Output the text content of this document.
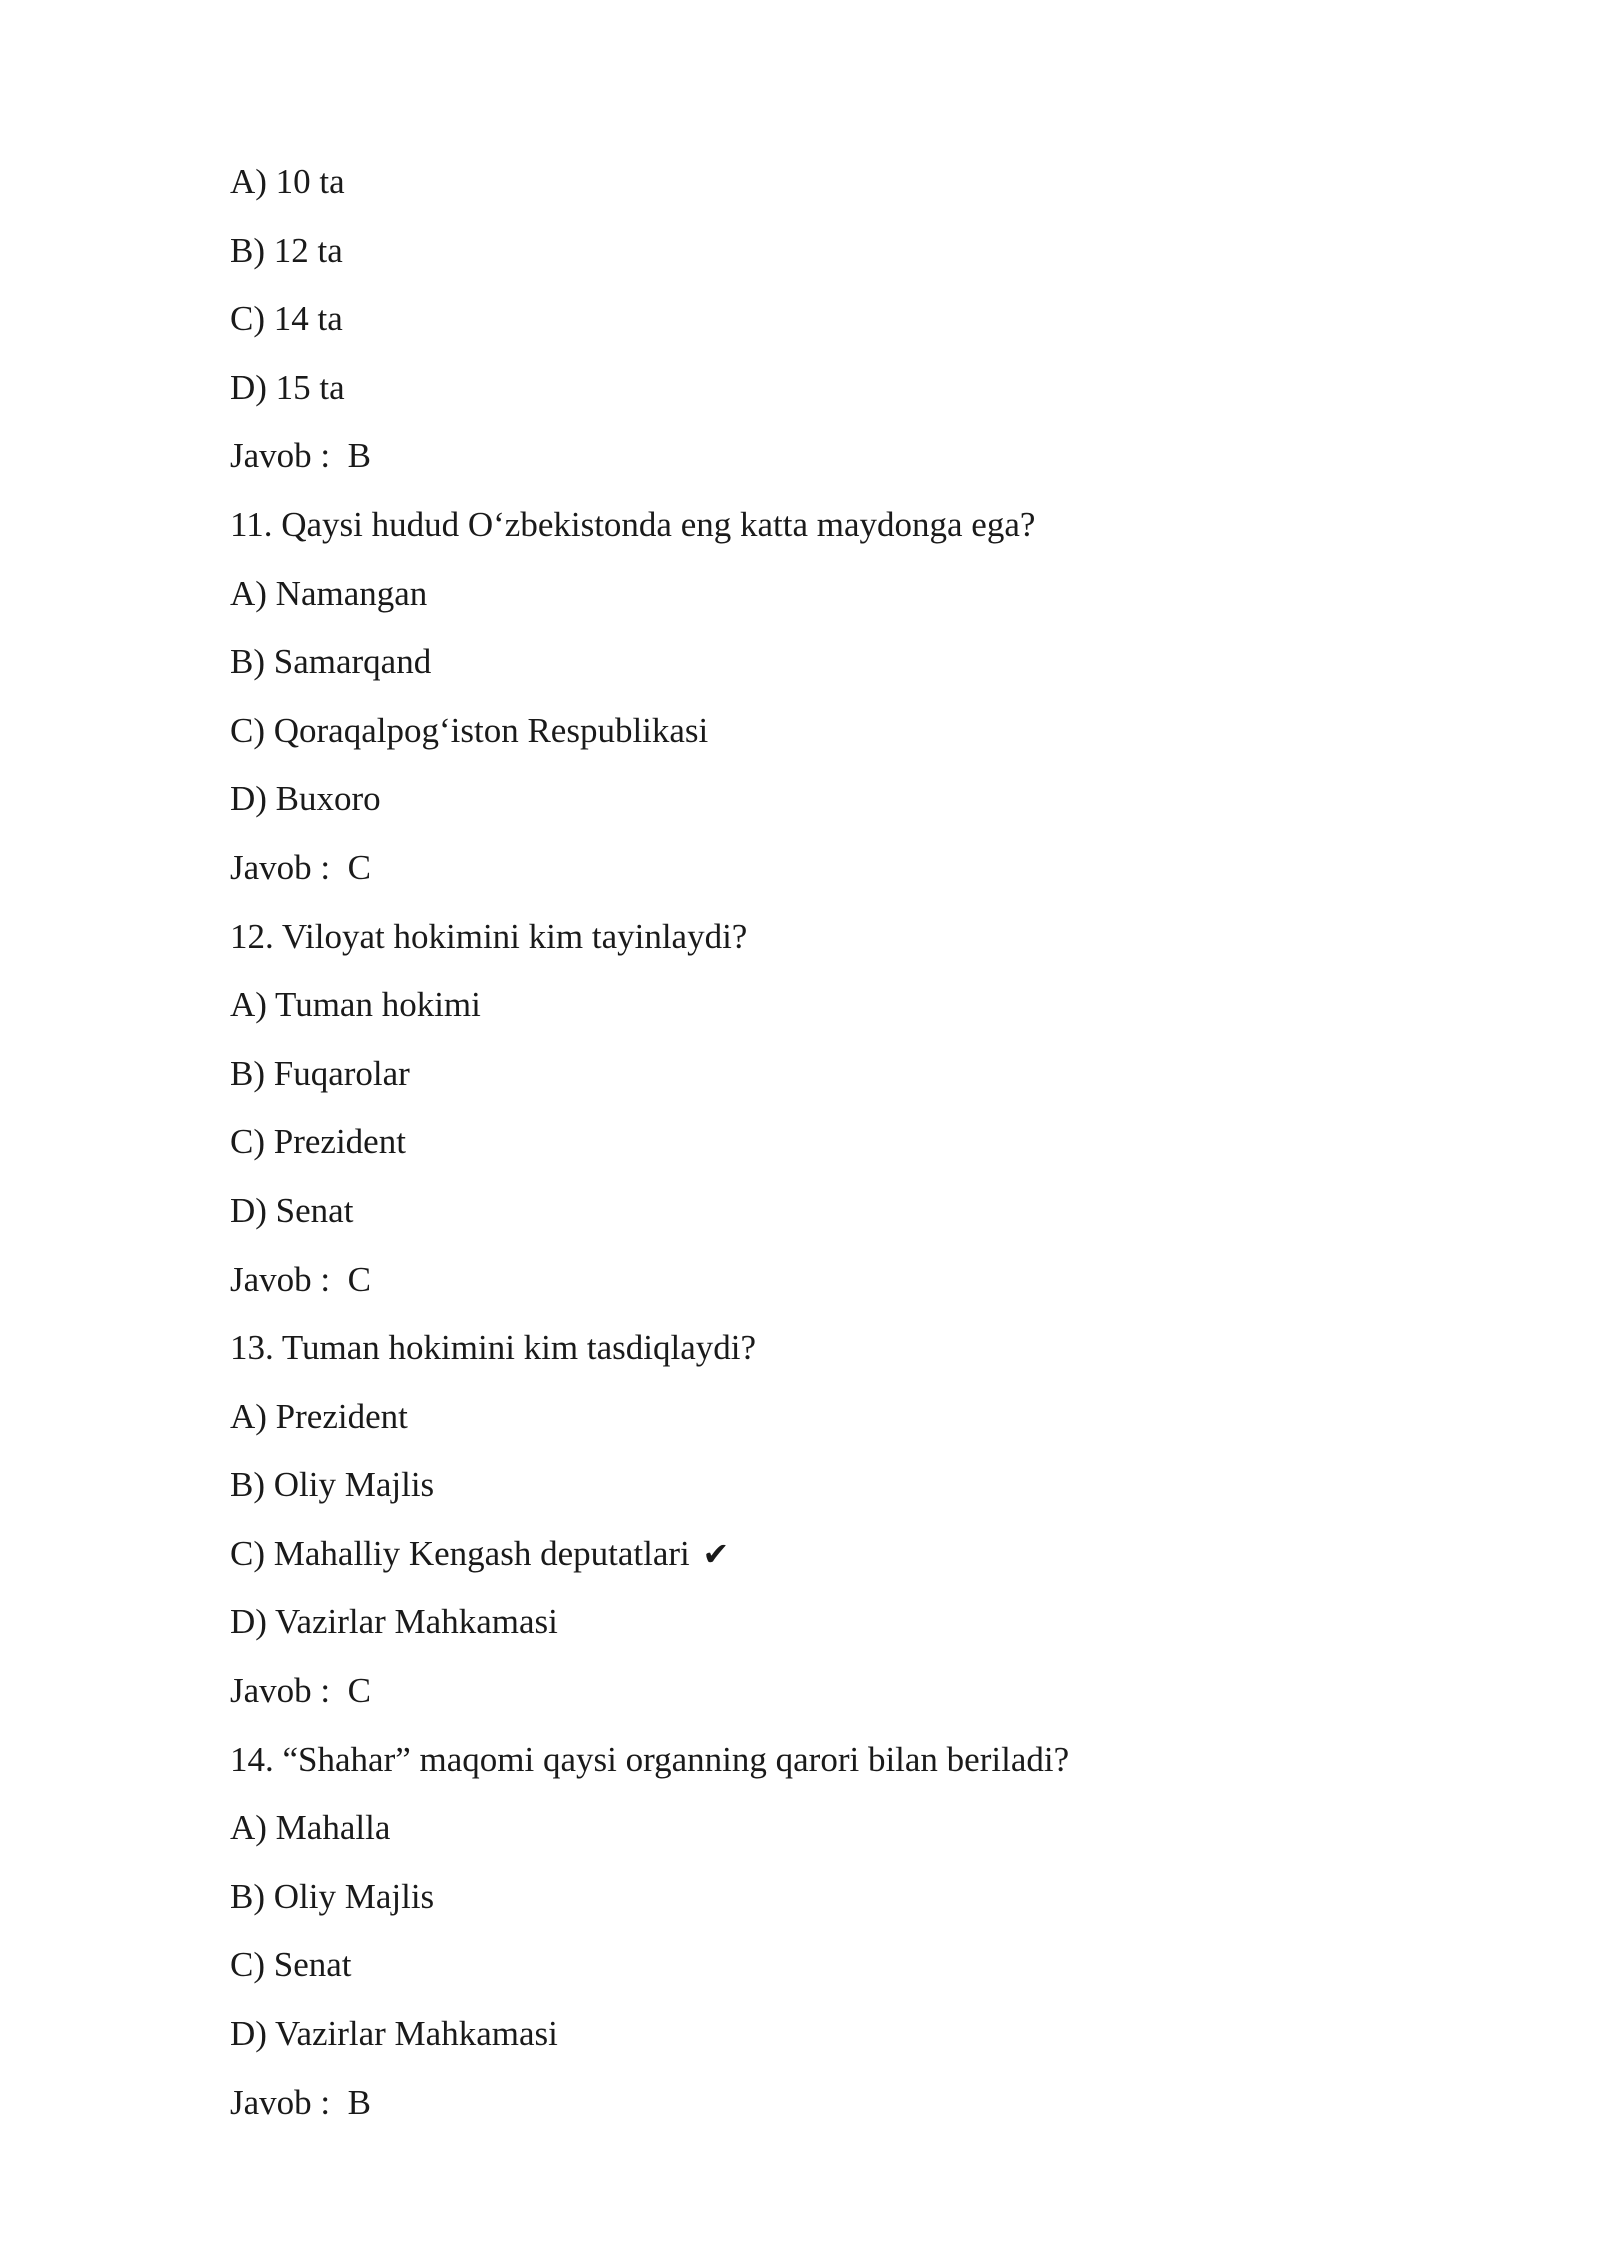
A) 10 ta
B) 12 ta
C) 14 ta
D) 15 ta
Javob :  B
11. Qaysi hudud O‘zbekistonda eng katta maydonga ega?
A) Namangan
B) Samarqand
C) Qoraqalpog‘iston Respublikasi
D) Buxoro
Javob :  C
12. Viloyat hokimini kim tayinlaydi?
A) Tuman hokimi
B) Fuqarolar
C) Prezident
D) Senat
Javob :  C
13. Tuman hokimini kim tasdiqlaydi?
A) Prezident
B) Oliy Majlis
C) Mahalliy Kengash deputatlari ✔
D) Vazirlar Mahkamasi
Javob :  C
14. “Shahar” maqomi qaysi organning qarori bilan beriladi?
A) Mahalla
B) Oliy Majlis
C) Senat
D) Vazirlar Mahkamasi
Javob :  B
